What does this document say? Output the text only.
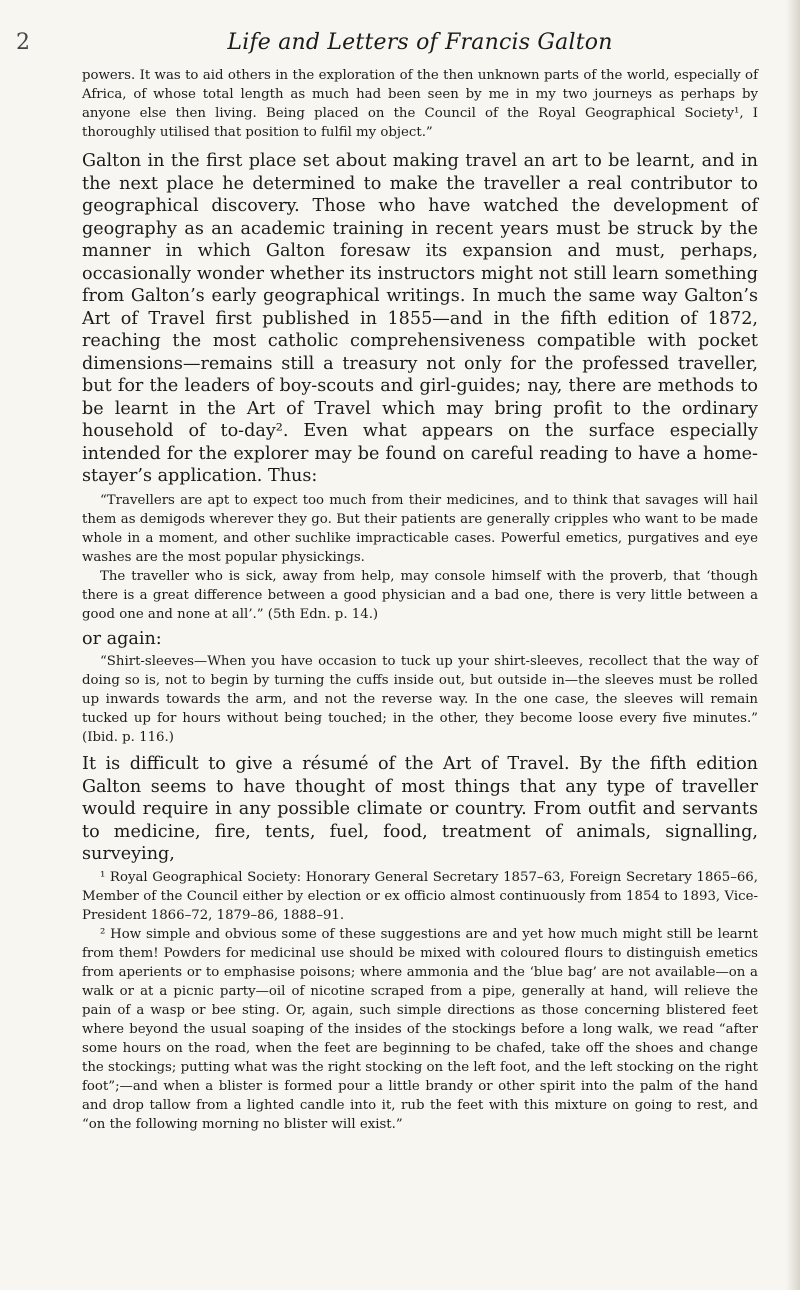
2	Life and Letters of Francis Galton

powers. It was to aid others in the exploration of the then unknown parts of the world, especially of Africa, of whose total length as much had been seen by me in my two journeys as perhaps by anyone else then living. Being placed on the Council of the Royal Geographical Society¹, I thoroughly utilised that position to fulfil my object.”

Galton in the first place set about making travel an art to be learnt, and in the next place he determined to make the traveller a real contributor to geographical discovery. Those who have watched the development of geography as an academic training in recent years must be struck by the manner in which Galton foresaw its expansion and must, perhaps, occasionally wonder whether its instructors might not still learn something from Galton’s early geographical writings. In much the same way Galton’s Art of Travel first published in 1855—and in the fifth edition of 1872, reaching the most catholic comprehensiveness compatible with pocket dimensions—remains still a treasury not only for the professed traveller, but for the leaders of boy-scouts and girl-guides; nay, there are methods to be learnt in the Art of Travel which may bring profit to the ordinary household of to-day². Even what appears on the surface especially intended for the explorer may be found on careful reading to have a home-stayer’s application. Thus:

“Travellers are apt to expect too much from their medicines, and to think that savages will hail them as demigods wherever they go. But their patients are generally cripples who want to be made whole in a moment, and other suchlike impracticable cases. Powerful emetics, purgatives and eye washes are the most popular physickings.

The traveller who is sick, away from help, may console himself with the proverb, that ‘though there is a great difference between a good physician and a bad one, there is very little between a good one and none at all’.” (5th Edn. p. 14.)

or again:

“Shirt-sleeves—When you have occasion to tuck up your shirt-sleeves, recollect that the way of doing so is, not to begin by turning the cuffs inside out, but outside in—the sleeves must be rolled up inwards towards the arm, and not the reverse way. In the one case, the sleeves will remain tucked up for hours without being touched; in the other, they become loose every five minutes.” (Ibid. p. 116.)

It is difficult to give a résumé of the Art of Travel. By the fifth edition Galton seems to have thought of most things that any type of traveller would require in any possible climate or country. From outfit and servants to medicine, fire, tents, fuel, food, treatment of animals, signalling, surveying,

¹ Royal Geographical Society: Honorary General Secretary 1857–63, Foreign Secretary 1865–66, Member of the Council either by election or ex officio almost continuously from 1854 to 1893, Vice-President 1866–72, 1879–86, 1888–91.

² How simple and obvious some of these suggestions are and yet how much might still be learnt from them! Powders for medicinal use should be mixed with coloured flours to distinguish emetics from aperients or to emphasise poisons; where ammonia and the ‘blue bag’ are not available—on a walk or at a picnic party—oil of nicotine scraped from a pipe, generally at hand, will relieve the pain of a wasp or bee sting. Or, again, such simple directions as those concerning blistered feet where beyond the usual soaping of the insides of the stockings before a long walk, we read “after some hours on the road, when the feet are beginning to be chafed, take off the shoes and change the stockings; putting what was the right stocking on the left foot, and the left stocking on the right foot”;—and when a blister is formed pour a little brandy or other spirit into the palm of the hand and drop tallow from a lighted candle into it, rub the feet with this mixture on going to rest, and “on the following morning no blister will exist.”
